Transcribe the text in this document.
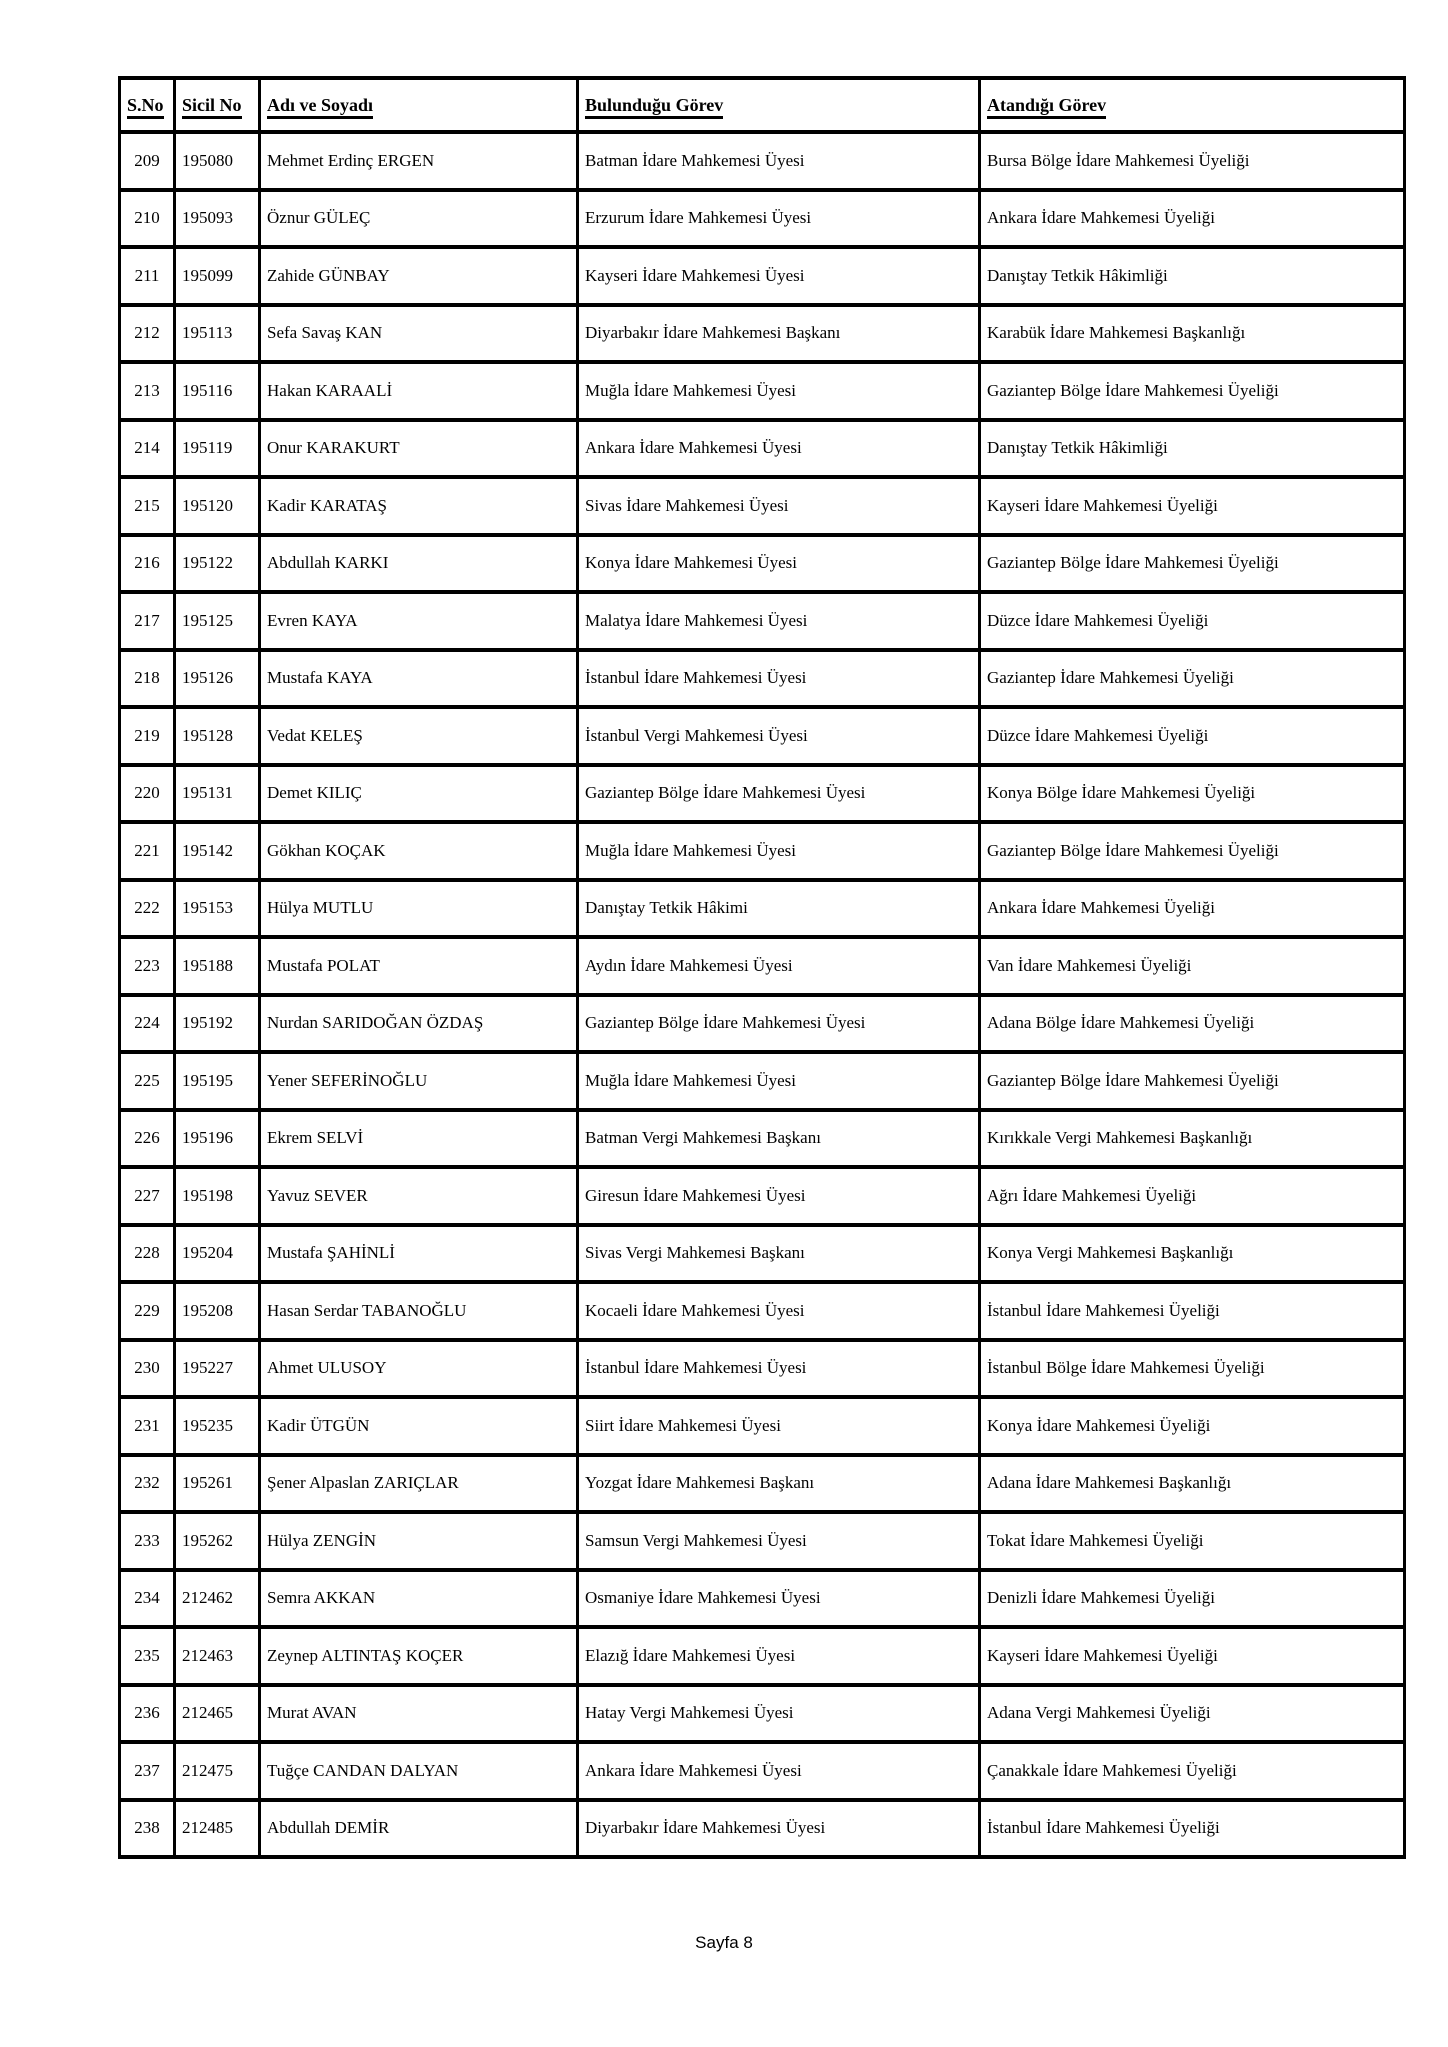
S.No	Sicil No	Adı ve Soyadı	Bulunduğu Görev	Atandığı Görev
209	195080	Mehmet Erdinç ERGEN	Batman İdare Mahkemesi Üyesi	Bursa Bölge İdare Mahkemesi Üyeliği
210	195093	Öznur GÜLEÇ	Erzurum İdare Mahkemesi Üyesi	Ankara İdare Mahkemesi Üyeliği
211	195099	Zahide GÜNBAY	Kayseri İdare Mahkemesi Üyesi	Danıştay Tetkik Hâkimliği
212	195113	Sefa Savaş KAN	Diyarbakır İdare Mahkemesi Başkanı	Karabük İdare Mahkemesi Başkanlığı
213	195116	Hakan KARAALİ	Muğla İdare Mahkemesi Üyesi	Gaziantep Bölge İdare Mahkemesi Üyeliği
214	195119	Onur KARAKURT	Ankara İdare Mahkemesi Üyesi	Danıştay Tetkik Hâkimliği
215	195120	Kadir KARATAŞ	Sivas İdare Mahkemesi Üyesi	Kayseri İdare Mahkemesi Üyeliği
216	195122	Abdullah KARKI	Konya İdare Mahkemesi Üyesi	Gaziantep Bölge İdare Mahkemesi Üyeliği
217	195125	Evren KAYA	Malatya İdare Mahkemesi Üyesi	Düzce İdare Mahkemesi Üyeliği
218	195126	Mustafa KAYA	İstanbul İdare Mahkemesi Üyesi	Gaziantep İdare Mahkemesi Üyeliği
219	195128	Vedat KELEŞ	İstanbul Vergi Mahkemesi Üyesi	Düzce İdare Mahkemesi Üyeliği
220	195131	Demet KILIÇ	Gaziantep Bölge İdare Mahkemesi Üyesi	Konya Bölge İdare Mahkemesi Üyeliği
221	195142	Gökhan KOÇAK	Muğla İdare Mahkemesi Üyesi	Gaziantep Bölge İdare Mahkemesi Üyeliği
222	195153	Hülya MUTLU	Danıştay Tetkik Hâkimi	Ankara İdare Mahkemesi Üyeliği
223	195188	Mustafa POLAT	Aydın İdare Mahkemesi Üyesi	Van İdare Mahkemesi Üyeliği
224	195192	Nurdan SARIDOĞAN ÖZDAŞ	Gaziantep Bölge İdare Mahkemesi Üyesi	Adana Bölge İdare Mahkemesi Üyeliği
225	195195	Yener SEFERİNOĞLU	Muğla İdare Mahkemesi Üyesi	Gaziantep Bölge İdare Mahkemesi Üyeliği
226	195196	Ekrem SELVİ	Batman Vergi Mahkemesi Başkanı	Kırıkkale Vergi Mahkemesi Başkanlığı
227	195198	Yavuz SEVER	Giresun İdare Mahkemesi Üyesi	Ağrı İdare Mahkemesi Üyeliği
228	195204	Mustafa ŞAHİNLİ	Sivas Vergi Mahkemesi Başkanı	Konya Vergi Mahkemesi Başkanlığı
229	195208	Hasan Serdar TABANOĞLU	Kocaeli İdare Mahkemesi Üyesi	İstanbul İdare Mahkemesi Üyeliği
230	195227	Ahmet ULUSOY	İstanbul İdare Mahkemesi Üyesi	İstanbul Bölge İdare Mahkemesi Üyeliği
231	195235	Kadir ÜTGÜN	Siirt İdare Mahkemesi Üyesi	Konya İdare Mahkemesi Üyeliği
232	195261	Şener Alpaslan ZARIÇLAR	Yozgat İdare Mahkemesi Başkanı	Adana İdare Mahkemesi Başkanlığı
233	195262	Hülya ZENGİN	Samsun Vergi Mahkemesi Üyesi	Tokat İdare Mahkemesi Üyeliği
234	212462	Semra AKKAN	Osmaniye İdare Mahkemesi Üyesi	Denizli İdare Mahkemesi Üyeliği
235	212463	Zeynep ALTINTAŞ KOÇER	Elazığ İdare Mahkemesi Üyesi	Kayseri İdare Mahkemesi Üyeliği
236	212465	Murat AVAN	Hatay Vergi Mahkemesi Üyesi	Adana Vergi Mahkemesi Üyeliği
237	212475	Tuğçe CANDAN DALYAN	Ankara İdare Mahkemesi Üyesi	Çanakkale İdare Mahkemesi Üyeliği
238	212485	Abdullah DEMİR	Diyarbakır İdare Mahkemesi Üyesi	İstanbul İdare Mahkemesi Üyeliği
Sayfa 8
